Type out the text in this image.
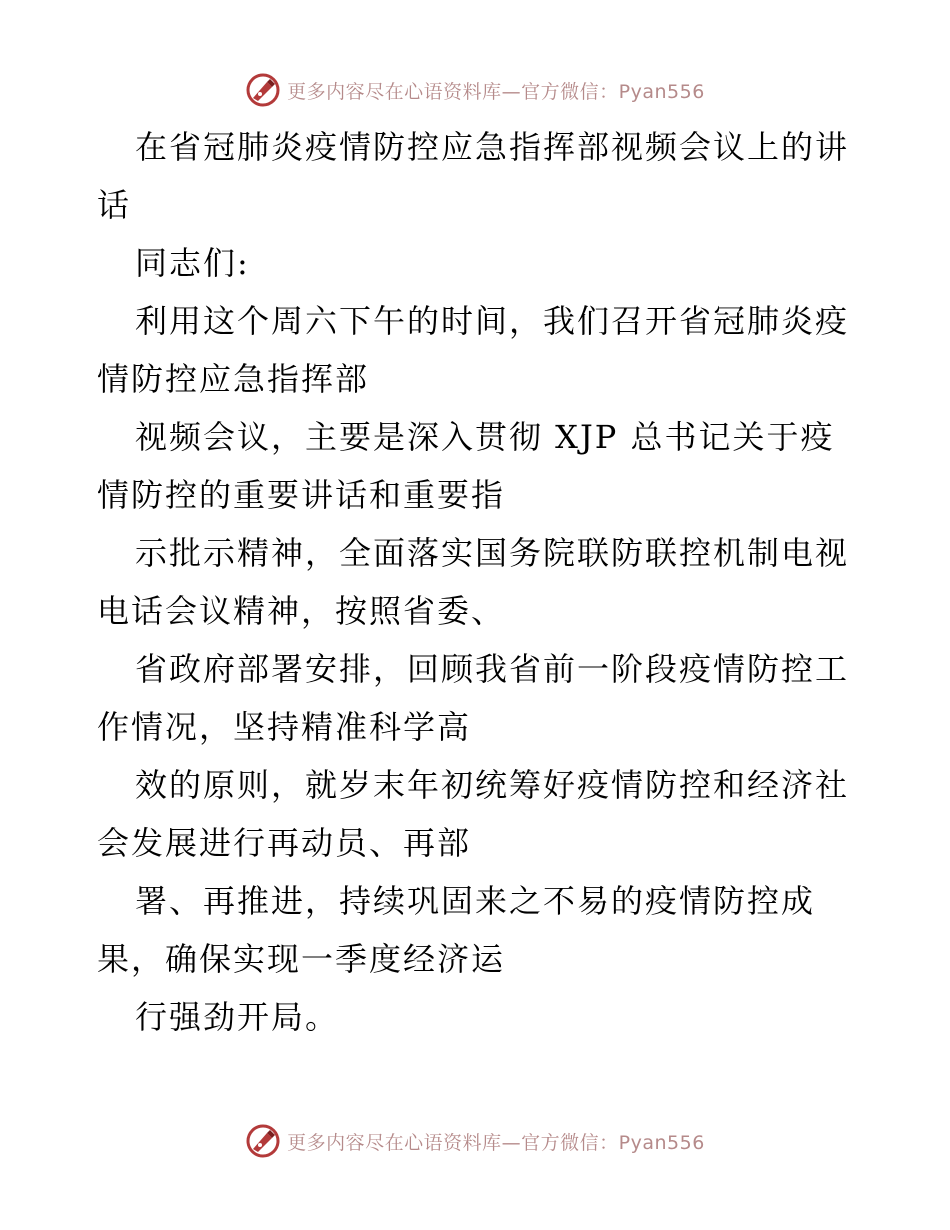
更多内容尽在心语资料库—官方微信：Pyan556
在省冠肺炎疫情防控应急指挥部视频会议上的讲
话
同志们:
利用这个周六下午的时间，我们召开省冠肺炎疫
情防控应急指挥部
视频会议，主要是深入贯彻 XJP 总书记关于疫
情防控的重要讲话和重要指
示批示精神，全面落实国务院联防联控机制电视
电话会议精神，按照省委、
省政府部署安排，回顾我省前一阶段疫情防控工
作情况，坚持精准科学高
效的原则，就岁末年初统筹好疫情防控和经济社
会发展进行再动员、再部
署、再推进，持续巩固来之不易的疫情防控成
果，确保实现一季度经济运
行强劲开局。
更多内容尽在心语资料库—官方微信：Pyan556
